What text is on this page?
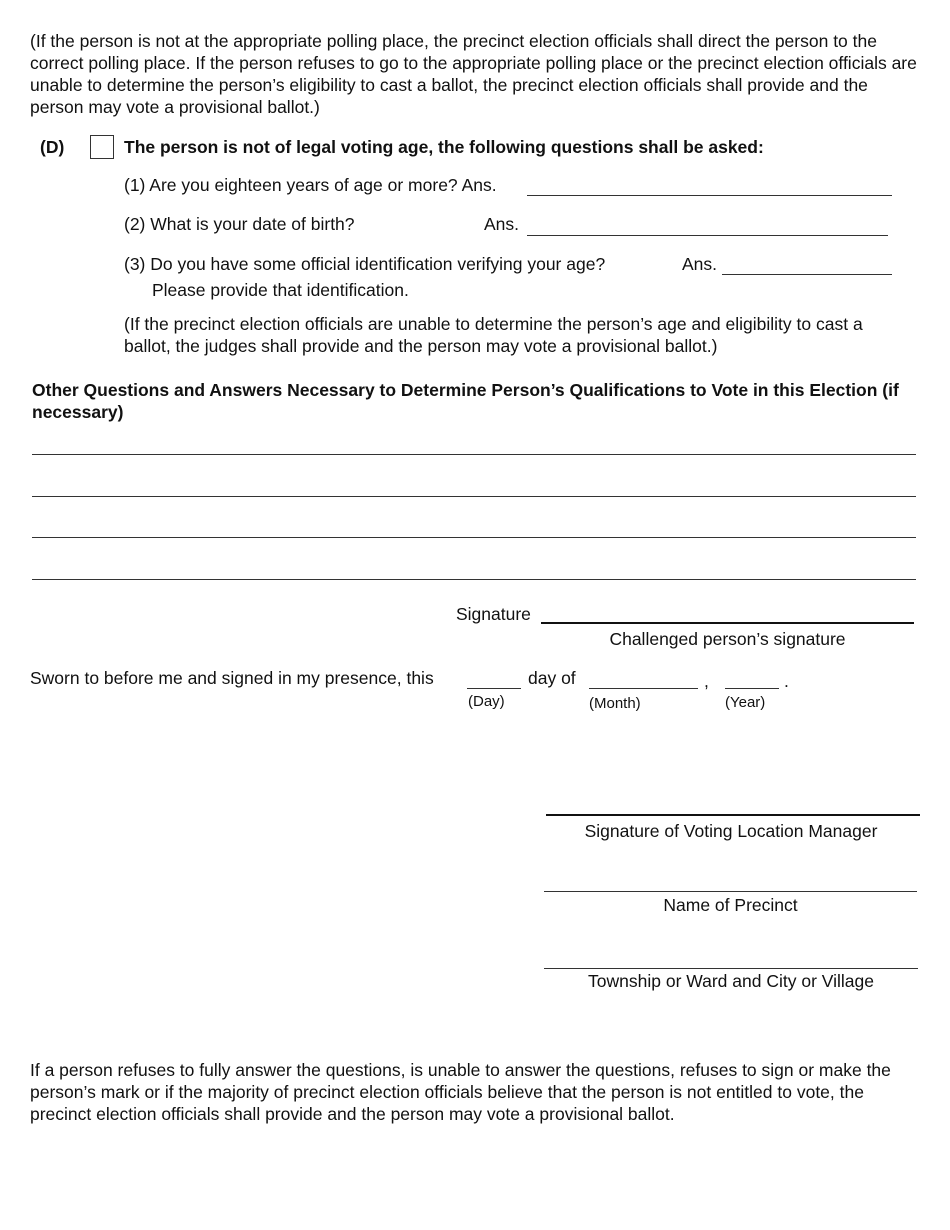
(If the person is not at the appropriate polling place, the precinct election officials shall direct the person to the correct polling place. If the person refuses to go to the appropriate polling place or the precinct election officials are unable to determine the person’s eligibility to cast a ballot, the precinct election officials shall provide and the person may vote a provisional ballot.)
(D)	The person is not of legal voting age, the following questions shall be asked:
(1) Are you eighteen years of age or more? Ans.
(2) What is your date of birth?	Ans.
(3) Do you have some official identification verifying your age?	Ans.
Please provide that identification.
(If the precinct election officials are unable to determine the person’s age and eligibility to cast a ballot, the judges shall provide and the person may vote a provisional ballot.)
Other Questions and Answers Necessary to Determine Person’s Qualifications to Vote in this Election (if necessary)
Signature
Challenged person’s signature
Sworn to before me and signed in my presence, this
(Day)
day of
(Month)
,
(Year)
.
Signature of Voting Location Manager
Name of Precinct
Township or Ward and City or Village
If a person refuses to fully answer the questions, is unable to answer the questions, refuses to sign or make the person’s mark or if the majority of precinct election officials believe that the person is not entitled to vote, the precinct election officials shall provide and the person may vote a provisional ballot.
